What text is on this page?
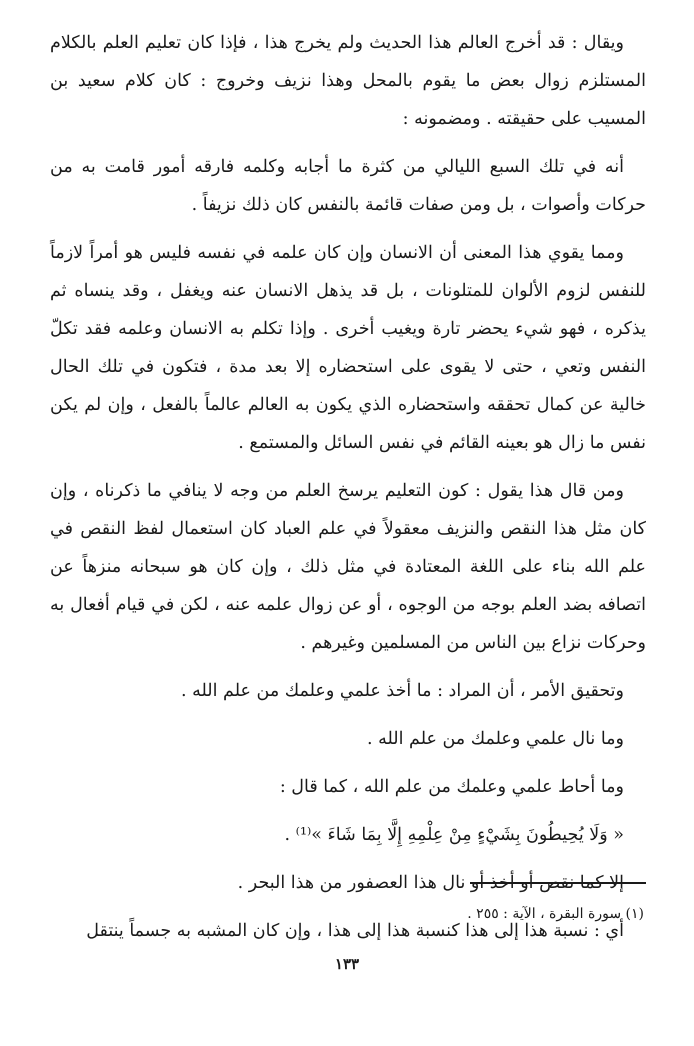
ويقال : قد أخرج العالم هذا الحديث ولم يخرج هذا ، فإذا كان تعليم العلم بالكلام المستلزم زوال بعض ما يقوم بالمحل وهذا نزيف وخروج : كان كلام سعيد بن المسيب على حقيقته . ومضمونه :

أنه في تلك السبع الليالي من كثرة ما أجابه وكلمه فارقه أمور قامت به من حركات وأصوات ، بل ومن صفات قائمة بالنفس كان ذلك نزيفاً .

ومما يقوي هذا المعنى أن الانسان وإن كان علمه في نفسه فليس هو أمراً لازماً للنفس لزوم الألوان للمتلونات ، بل قد يذهل الانسان عنه ويغفل ، وقد ينساه ثم يذكره ، فهو شيء يحضر تارة ويغيب أخرى . وإذا تكلم به الانسان وعلمه فقد تكلّ النفس وتعي ، حتى لا يقوى على استحضاره إلا بعد مدة ، فتكون في تلك الحال خالية عن كمال تحققه واستحضاره الذي يكون به العالم عالماً بالفعل ، وإن لم يكن نفس ما زال هو بعينه القائم في نفس السائل والمستمع .

ومن قال هذا يقول : كون التعليم يرسخ العلم من وجه لا ينافي ما ذكرناه ، وإن كان مثل هذا النقص والنزيف معقولاً في علم العباد كان استعمال لفظ النقص في علم الله بناء على اللغة المعتادة في مثل ذلك ، وإن كان هو سبحانه منزهاً عن اتصافه بضد العلم بوجه من الوجوه ، أو عن زوال علمه عنه ، لكن في قيام أفعال به وحركات نزاع بين الناس من المسلمين وغيرهم .

وتحقيق الأمر ، أن المراد : ما أخذ علمي وعلمك من علم الله .

وما نال علمي وعلمك من علم الله .

وما أحاط علمي وعلمك من علم الله ، كما قال :

« وَلَا يُحِيطُونَ بِشَيْءٍ مِنْ عِلْمِهِ إِلَّا بِمَا شَاءَ »⁽¹⁾ .

إلا كما نقص أو أخذ أو نال هذا العصفور من هذا البحر .

أي : نسبة هذا إلى هذا كنسبة هذا إلى هذا ، وإن كان المشبه به جسماً ينتقل

(١) سورة البقرة ، الآية : ٢٥٥ .
١٣٣
